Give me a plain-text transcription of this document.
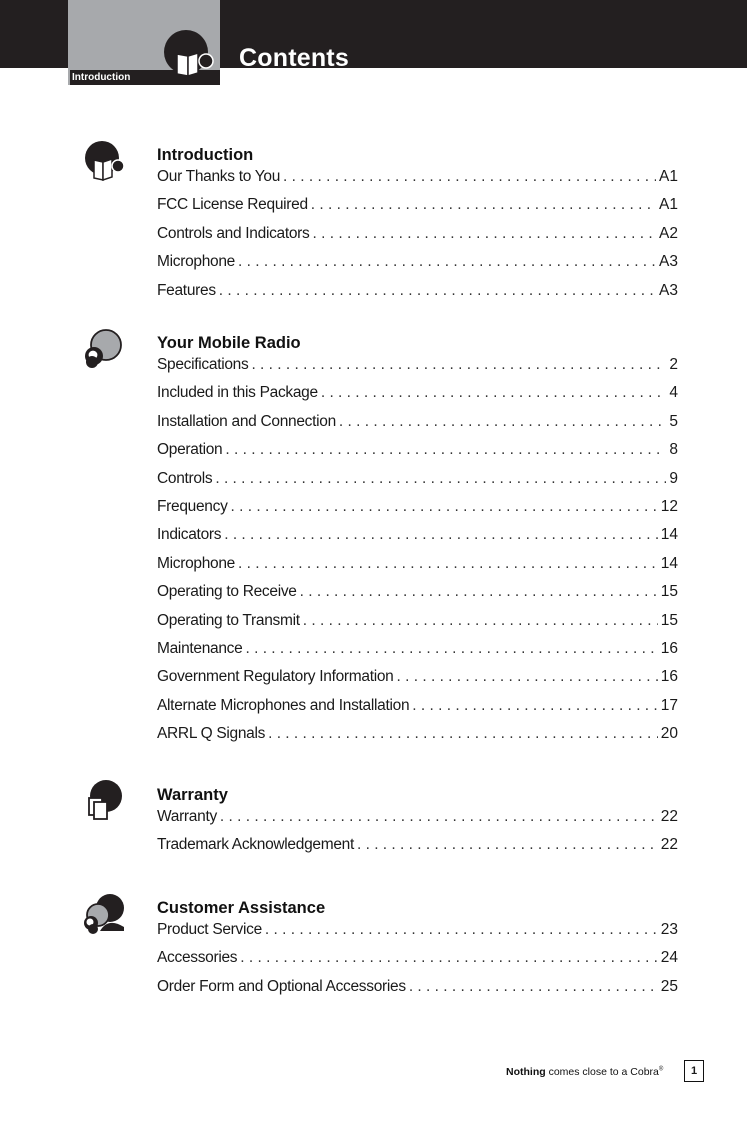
Introduction
Contents
Introduction
Our Thanks to You . . .	A1
FCC License Required . . .	A1
Controls and Indicators . . .	A2
Microphone . . .	A3
Features . . .	A3
Your Mobile Radio
Specifications . . .	2
Included in this Package . . .	4
Installation and Connection . . .	5
Operation . . .	8
Controls . . .	9
Frequency . . .	12
Indicators . . .	14
Microphone . . .	14
Operating to Receive . . .	15
Operating to Transmit . . .	15
Maintenance . . .	16
Government Regulatory Information . . .	16
Alternate Microphones and Installation . . .	17
ARRL Q Signals . . .	20
Warranty
Warranty . . .	22
Trademark Acknowledgement . . .	22
Customer Assistance
Product Service . . .	23
Accessories . . .	24
Order Form and Optional Accessories . . .	25
Nothing comes close to a Cobra®	1
